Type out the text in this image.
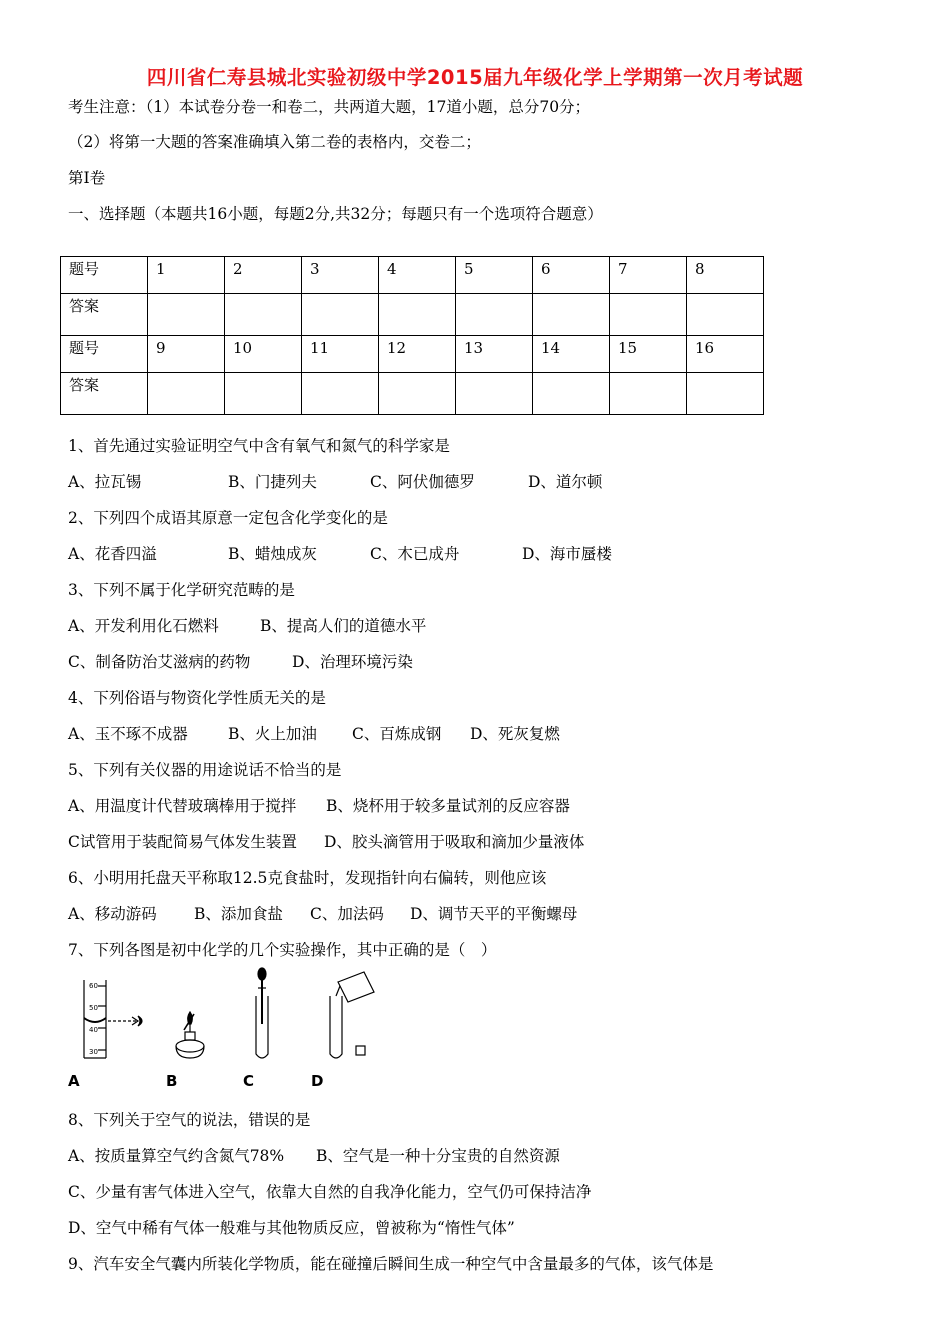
四川省仁寿县城北实验初级中学2015届九年级化学上学期第一次月考试题
考生注意：（1）本试卷分卷一和卷二，共两道大题，17道小题，总分70分；
（2）将第一大题的答案准确填入第二卷的表格内，交卷二；
第Ⅰ卷
一、选择题（本题共16小题，每题2分,共32分；每题只有一个选项符合题意）
题号	1	2	3	4	5	6	7	8
答案								
题号	9	10	11	12	13	14	15	16
答案								
1、首先通过实验证明空气中含有氧气和氮气的科学家是
A、拉瓦锡	B、门捷列夫	C、阿伏伽德罗	D、道尔顿
2、下列四个成语其原意一定包含化学变化的是
A、花香四溢	B、蜡烛成灰	C、木已成舟	D、海市蜃楼
3、下列不属于化学研究范畴的是
A、开发利用化石燃料	B、提高人们的道德水平
C、制备防治艾滋病的药物	D、治理环境污染
4、下列俗语与物资化学性质无关的是
A、玉不琢不成器	B、火上加油 C、百炼成钢 D、死灰复燃
5、下列有关仪器的用途说话不恰当的是
A、用温度计代替玻璃棒用于搅拌 B、烧杯用于较多量试剂的反应容器
C试管用于装配简易气体发生装置 D、胶头滴管用于吸取和滴加少量液体
6、小明用托盘天平称取12.5克食盐时，发现指针向右偏转，则他应该
A、移动游码 B、添加食盐 C、加法码 D、调节天平的平衡螺母
7、下列各图是初中化学的几个实验操作，其中正确的是（　）
60
50
40
30
A	B	C	D
8、下列关于空气的说法，错误的是
A、按质量算空气约含氮气78% B、空气是一种十分宝贵的自然资源
C、少量有害气体进入空气，依靠大自然的自我净化能力，空气仍可保持洁净
D、空气中稀有气体一般难与其他物质反应，曾被称为“惰性气体”
9、汽车安全气囊内所装化学物质，能在碰撞后瞬间生成一种空气中含量最多的气体，该气体是
